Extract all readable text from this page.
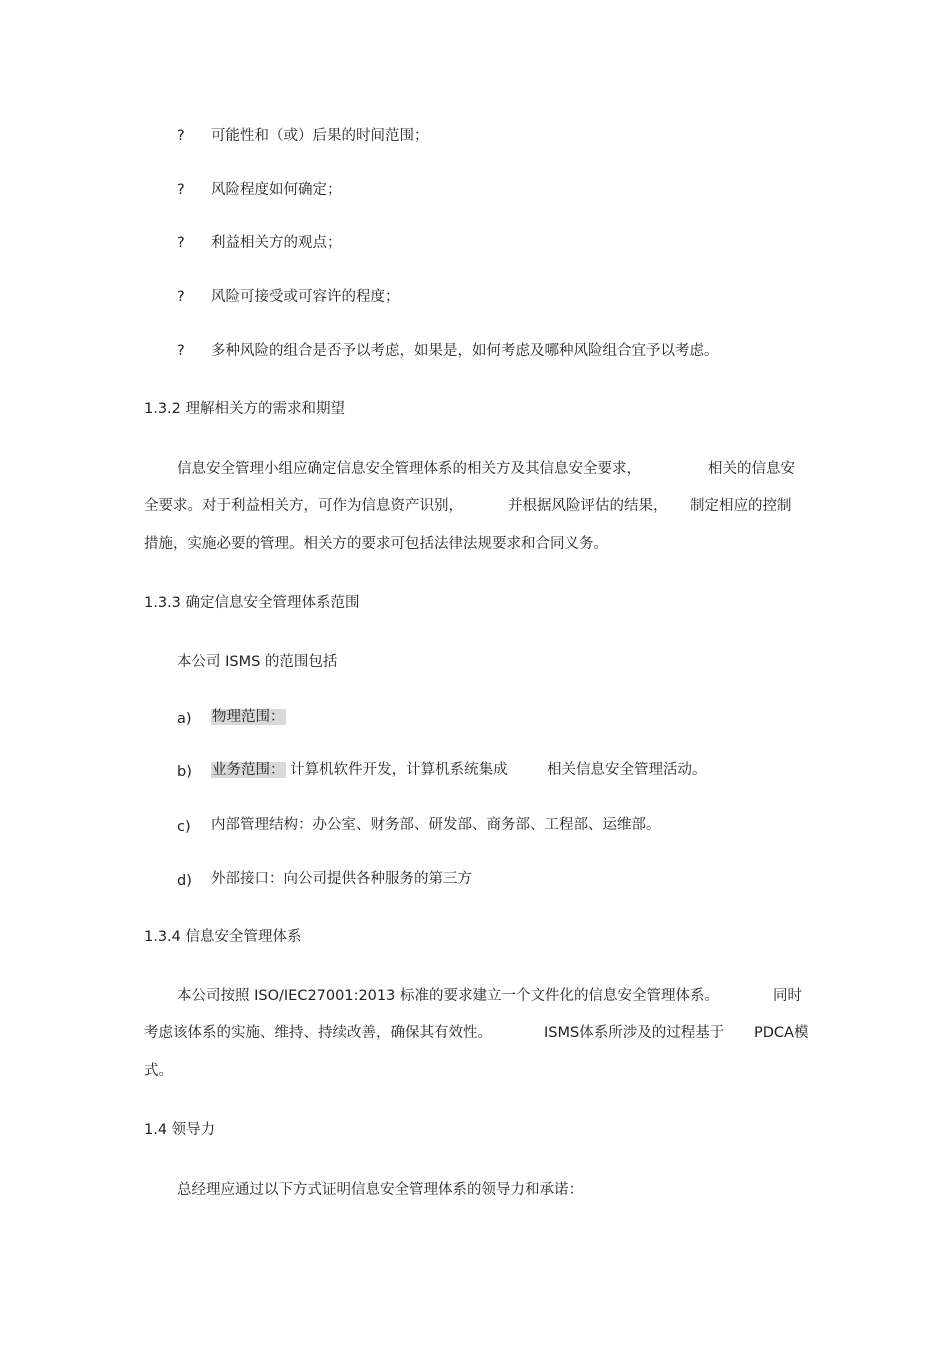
? 可能性和（或）后果的时间范围；
? 风险程度如何确定；
? 利益相关方的观点；
? 风险可接受或可容许的程度；
? 多种风险的组合是否予以考虑，如果是，如何考虑及哪种风险组合宜予以考虑。
1.3.2 理解相关方的需求和期望
信息安全管理小组应确定信息安全管理体系的相关方及其信息安全要求，	相关的信息安
全要求。对于利益相关方，可作为信息资产识别，	并根据风险评估的结果， 制定相应的控制
措施，实施必要的管理。相关方的要求可包括法律法规要求和合同义务。
1.3.3 确定信息安全管理体系范围
本公司 ISMS 的范围包括
a) 物理范围：
b) 业务范围： 计算机软件开发，计算机系统集成	相关信息安全管理活动。
c) 内部管理结构：办公室、财务部、研发部、商务部、工程部、运维部。
d) 外部接口：向公司提供各种服务的第三方
1.3.4 信息安全管理体系
本公司按照 ISO/IEC27001:2013 标准的要求建立一个文件化的信息安全管理体系。	同时
考虑该体系的实施、维持、持续改善，确保其有效性。	ISMS体系所涉及的过程基于 PDCA模
式。
1.4 领导力
总经理应通过以下方式证明信息安全管理体系的领导力和承诺：
